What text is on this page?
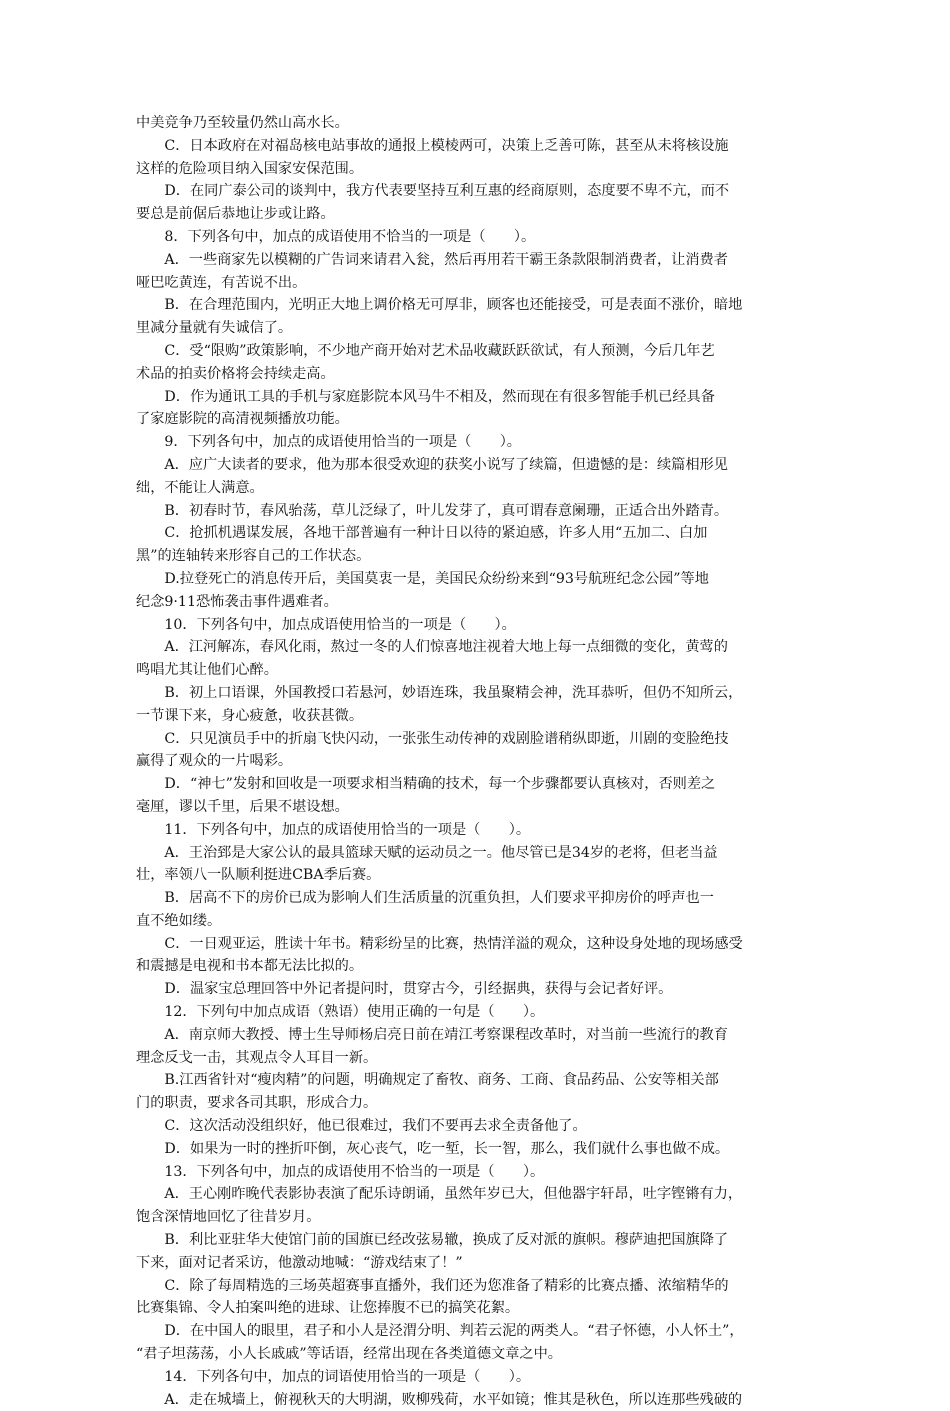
中美竞争乃至较量仍然山高水长。
　　C．日本政府在对福岛核电站事故的通报上模棱两可，决策上乏善可陈，甚至从未将核设施
这样的危险项目纳入国家安保范围。
　　D．在同广泰公司的谈判中，我方代表要坚持互利互惠的经商原则，态度要不卑不亢，而不
要总是前倨后恭地让步或让路。
　　8．下列各句中，加点的成语使用不恰当的一项是（　　）。
　　A．一些商家先以模糊的广告词来请君入瓮，然后再用若干霸王条款限制消费者，让消费者
哑巴吃黄连，有苦说不出。
　　B．在合理范围内，光明正大地上调价格无可厚非，顾客也还能接受，可是表面不涨价，暗地
里减分量就有失诚信了。
　　C．受“限购”政策影响，不少地产商开始对艺术品收藏跃跃欲试，有人预测，今后几年艺
术品的拍卖价格将会持续走高。
　　D．作为通讯工具的手机与家庭影院本风马牛不相及，然而现在有很多智能手机已经具备
了家庭影院的高清视频播放功能。
　　9．下列各句中，加点的成语使用恰当的一项是（　　）。
　　A．应广大读者的要求，他为那本很受欢迎的获奖小说写了续篇，但遗憾的是：续篇相形见
绌，不能让人满意。
　　B．初春时节，春风骀荡，草儿泛绿了，叶儿发芽了，真可谓春意阑珊，正适合出外踏青。
　　C．抢抓机遇谋发展，各地干部普遍有一种计日以待的紧迫感，许多人用“五加二、白加
黑”的连轴转来形容自己的工作状态。
　　D.拉登死亡的消息传开后，美国莫衷一是，美国民众纷纷来到“93号航班纪念公园”等地
纪念9·11恐怖袭击事件遇难者。
　　10．下列各句中，加点成语使用恰当的一项是（　　）。
　　A．江河解冻，春风化雨，熬过一冬的人们惊喜地注视着大地上每一点细微的变化，黄莺的
鸣唱尤其让他们心醉。
　　B．初上口语课，外国教授口若悬河，妙语连珠，我虽聚精会神，洗耳恭听，但仍不知所云，
一节课下来，身心疲惫，收获甚微。
　　C．只见演员手中的折扇飞快闪动，一张张生动传神的戏剧脸谱稍纵即逝，川剧的变脸绝技
赢得了观众的一片喝彩。
　　D．“神七”发射和回收是一项要求相当精确的技术，每一个步骤都要认真核对，否则差之
毫厘，谬以千里，后果不堪设想。
　　11．下列各句中，加点的成语使用恰当的一项是（　　）。
　　A．王治郅是大家公认的最具篮球天赋的运动员之一。他尽管已是34岁的老将，但老当益
壮，率领八一队顺利挺进CBA季后赛。
　　B．居高不下的房价已成为影响人们生活质量的沉重负担，人们要求平抑房价的呼声也一
直不绝如缕。
　　C．一日观亚运，胜读十年书。精彩纷呈的比赛，热情洋溢的观众，这种设身处地的现场感受
和震撼是电视和书本都无法比拟的。
　　D．温家宝总理回答中外记者提问时，贯穿古今，引经据典，获得与会记者好评。
　　12．下列句中加点成语（熟语）使用正确的一句是（　　）。
　　A．南京师大教授、博士生导师杨启亮日前在靖江考察课程改革时，对当前一些流行的教育
理念反戈一击，其观点令人耳目一新。
　　B.江西省针对“瘦肉精”的问题，明确规定了畜牧、商务、工商、食品药品、公安等相关部
门的职责，要求各司其职，形成合力。
　　C．这次活动没组织好，他已很难过，我们不要再去求全责备他了。
　　D．如果为一时的挫折吓倒，灰心丧气，吃一堑，长一智，那么，我们就什么事也做不成。
　　13．下列各句中，加点的成语使用不恰当的一项是（　　）。
　　A．王心刚昨晚代表影协表演了配乐诗朗诵，虽然年岁已大，但他器宇轩昂，吐字铿锵有力，
饱含深情地回忆了往昔岁月。
　　B．利比亚驻华大使馆门前的国旗已经改弦易辙，换成了反对派的旗帜。穆萨迪把国旗降了
下来，面对记者采访，他激动地喊：“游戏结束了！”
　　C．除了每周精选的三场英超赛事直播外，我们还为您准备了精彩的比赛点播、浓缩精华的
比赛集锦、令人拍案叫绝的进球、让您捧腹不已的搞笑花絮。
　　D．在中国人的眼里，君子和小人是泾渭分明、判若云泥的两类人。“君子怀德，小人怀土”，
“君子坦荡荡，小人长戚戚”等话语，经常出现在各类道德文章之中。
　　14．下列各句中，加点的词语使用恰当的一项是（　　）。
　　A．走在城墙上，俯视秋天的大明湖，败柳残荷，水平如镜；惟其是秋色，所以连那些残破的
